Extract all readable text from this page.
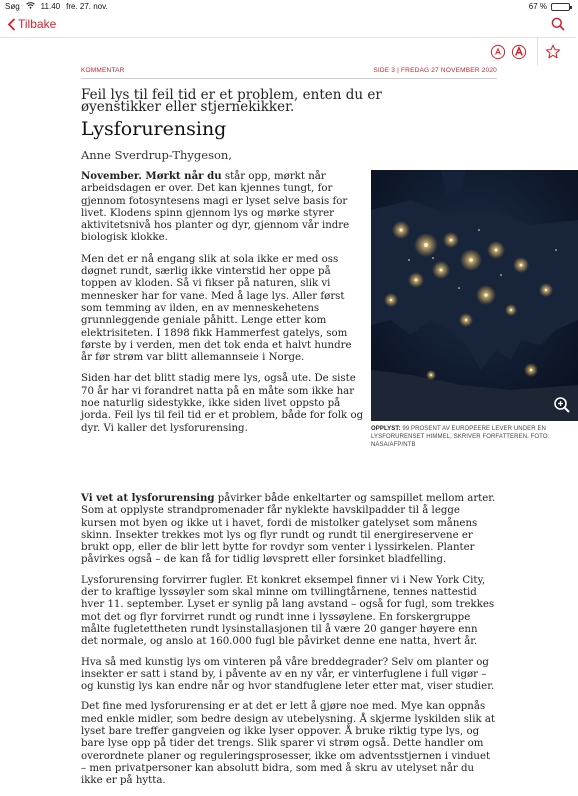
Søg	11.40 fre. 27. nov.	67 %
Tilbake
KOMMENTAR	SIDE 3 | FREDAG 27 NOVEMBER 2020
Feil lys til feil tid er et problem, enten du er øyenstikker eller stjernekikker.
Lysforurensing
Anne Sverdrup-Thygeson,

November. Mørkt når du står opp, mørkt når arbeidsdagen er over. Det kan kjennes tungt, for gjennom fotosyntesens magi er lyset selve basis for livet. Klodens spinn gjennom lys og mørke styrer aktivitetsnivå hos planter og dyr, gjennom vår indre biologisk klokke.

Men det er nå engang slik at sola ikke er med oss døgnet rundt, særlig ikke vinterstid her oppe på toppen av kloden. Så vi fikser på naturen, slik vi mennesker har for vane. Med å lage lys. Aller først som temming av ilden, en av menneskehetens grunnleggende geniale påhitt. Lenge etter kom elektrisiteten. I 1898 fikk Hammerfest gatelys, som første by i verden, men det tok enda et halvt hundre år før strøm var blitt allemannseie i Norge.

Siden har det blitt stadig mere lys, også ute. De siste 70 år har vi forandret natta på en måte som ikke har noe naturlig sidestykke, ikke siden livet oppsto på jorda. Feil lys til feil tid er et problem, både for folk og dyr. Vi kaller det lysforurensing.	OPPLYST: 99 PROSENT AV EUROPEERE LEVER UNDER EN LYSFORURENSET HIMMEL, SKRIVER FORFATTEREN. FOTO: NASA/AFP/NTB

Vi vet at lysforurensing påvirker både enkeltarter og samspillet mellom arter. Som at opplyste strandpromenader får nyklekte havskilpadder til å legge kursen mot byen og ikke ut i havet, fordi de mistolker gatelyset som månens skinn. Insekter trekkes mot lys og flyr rundt og rundt til energireservene er brukt opp, eller de blir lett bytte for rovdyr som venter i lyssirkelen. Planter påvirkes også – de kan få for tidlig løvsprett eller forsinket bladfelling.

Lysforurensing forvirrer fugler. Et konkret eksempel finner vi i New York City, der to kraftige lyssøyler som skal minne om tvillingtårnene, tennes nattestid hver 11. september. Lyset er synlig på lang avstand – også for fugl, som trekkes mot det og flyr forvirret rundt og rundt inne i lyssøylene. En forskergruppe målte fugletettheten rundt lysinstallasjonen til å være 20 ganger høyere enn det normale, og anslo at 160.000 fugl ble påvirket denne ene natta, hvert år.

Hva så med kunstig lys om vinteren på våre breddegrader? Selv om planter og insekter er satt i stand by, i påvente av en ny vår, er vinterfuglene i full vigør – og kunstig lys kan endre når og hvor standfuglene leter etter mat, viser studier.

Det fine med lysforurensing er at det er lett å gjøre noe med. Mye kan oppnås med enkle midler, som bedre design av utebelysning. Å skjerme lyskilden slik at lyset bare treffer gangveien og ikke lyser oppover. Å bruke riktig type lys, og bare lyse opp på tider det trengs. Slik sparer vi strøm også. Dette handler om overordnete planer og reguleringsprosesser, ikke om adventsstjernen i vinduet – men privatpersoner kan absolutt bidra, som med å skru av utelyset når du ikke er på hytta.
